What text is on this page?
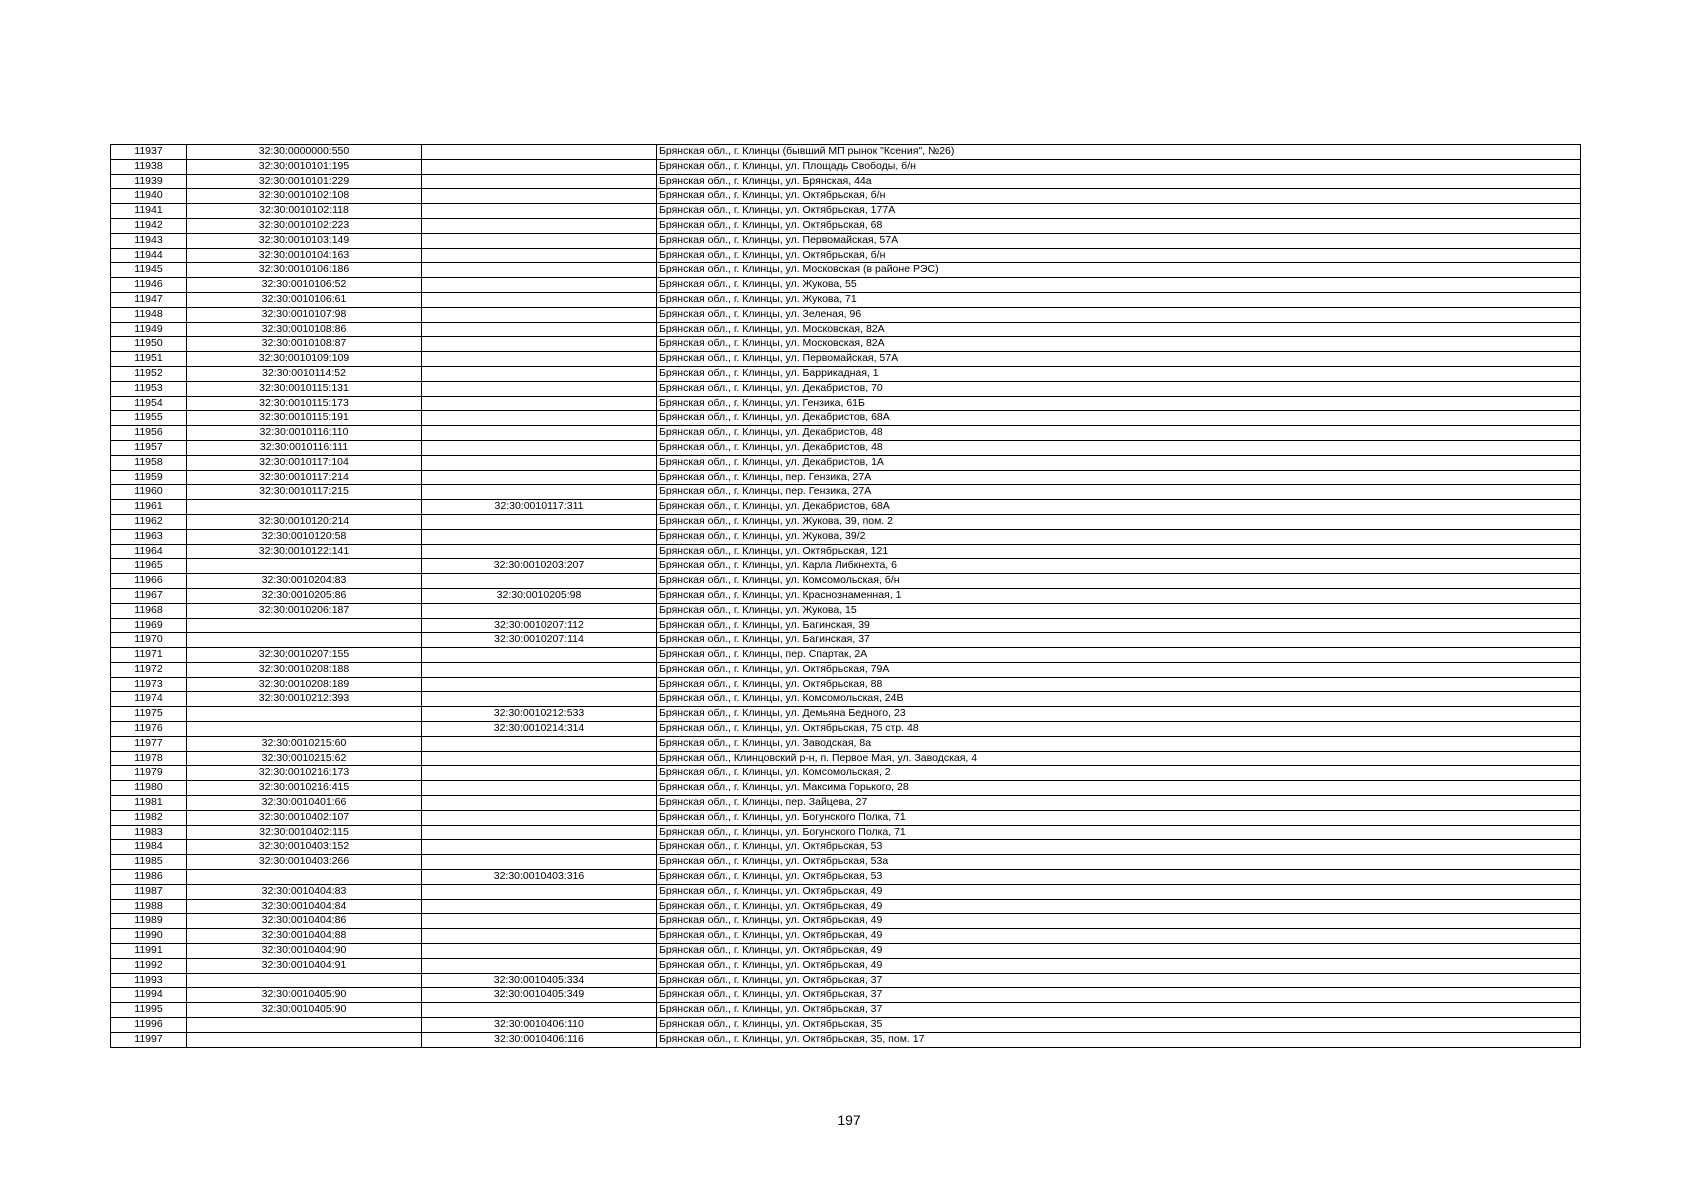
11937	32:30:0000000:550		Брянская обл., г. Клинцы (бывший МП рынок "Ксения", №26)
11938	32:30:0010101:195		Брянская обл., г. Клинцы, ул. Площадь Свободы, б/н
11939	32:30:0010101:229		Брянская обл., г. Клинцы, ул. Брянская, 44а
11940	32:30:0010102:108		Брянская обл., г. Клинцы, ул. Октябрьская, б/н
11941	32:30:0010102:118		Брянская обл., г. Клинцы, ул. Октябрьская, 177А
11942	32:30:0010102:223		Брянская обл., г. Клинцы, ул. Октябрьская, 68
11943	32:30:0010103:149		Брянская обл., г. Клинцы, ул. Первомайская, 57А
11944	32:30:0010104:163		Брянская обл., г. Клинцы, ул. Октябрьская, б/н
11945	32:30:0010106:186		Брянская обл., г. Клинцы, ул. Московская (в районе РЭС)
11946	32:30:0010106:52		Брянская обл., г. Клинцы, ул. Жукова, 55
11947	32:30:0010106:61		Брянская обл., г. Клинцы, ул. Жукова, 71
11948	32:30:0010107:98		Брянская обл., г. Клинцы, ул. Зеленая, 96
11949	32:30:0010108:86		Брянская обл., г. Клинцы, ул. Московская, 82А
11950	32:30:0010108:87		Брянская обл., г. Клинцы, ул. Московская, 82А
11951	32:30:0010109:109		Брянская обл., г. Клинцы, ул. Первомайская, 57А
11952	32:30:0010114:52		Брянская обл., г. Клинцы, ул. Баррикадная, 1
11953	32:30:0010115:131		Брянская обл., г. Клинцы, ул. Декабристов, 70
11954	32:30:0010115:173		Брянская обл., г. Клинцы, ул. Гензика, 61Б
11955	32:30:0010115:191		Брянская обл., г. Клинцы, ул. Декабристов, 68А
11956	32:30:0010116:110		Брянская обл., г. Клинцы, ул. Декабристов, 48
11957	32:30:0010116:111		Брянская обл., г. Клинцы, ул. Декабристов, 48
11958	32:30:0010117:104		Брянская обл., г. Клинцы, ул. Декабристов, 1А
11959	32:30:0010117:214		Брянская обл., г. Клинцы, пер. Гензика, 27А
11960	32:30:0010117:215		Брянская обл., г. Клинцы, пер. Гензика, 27А
11961		32:30:0010117:311	Брянская обл., г. Клинцы, ул. Декабристов, 68А
11962	32:30:0010120:214		Брянская обл., г. Клинцы, ул. Жукова, 39, пом. 2
11963	32:30:0010120:58		Брянская обл., г. Клинцы, ул. Жукова, 39/2
11964	32:30:0010122:141		Брянская обл., г. Клинцы, ул. Октябрьская, 121
11965		32:30:0010203:207	Брянская обл., г. Клинцы, ул. Карла Либкнехта, 6
11966	32:30:0010204:83		Брянская обл., г. Клинцы, ул. Комсомольская, б/н
11967	32:30:0010205:86	32:30:0010205:98	Брянская обл., г. Клинцы, ул. Краснознаменная, 1
11968	32:30:0010206:187		Брянская обл., г. Клинцы, ул. Жукова, 15
11969		32:30:0010207:112	Брянская обл., г. Клинцы, ул. Багинская, 39
11970		32:30:0010207:114	Брянская обл., г. Клинцы, ул. Багинская, 37
11971	32:30:0010207:155		Брянская обл., г. Клинцы, пер. Спартак, 2А
11972	32:30:0010208:188		Брянская обл., г. Клинцы, ул. Октябрьская, 79А
11973	32:30:0010208:189		Брянская обл., г. Клинцы, ул. Октябрьская, 88
11974	32:30:0010212:393		Брянская обл., г. Клинцы, ул. Комсомольская, 24В
11975		32:30:0010212:533	Брянская обл., г. Клинцы, ул. Демьяна Бедного, 23
11976		32:30:0010214:314	Брянская обл., г. Клинцы, ул. Октябрьская, 75 стр. 48
11977	32:30:0010215:60		Брянская обл., г. Клинцы, ул. Заводская, 8а
11978	32:30:0010215:62		Брянская обл., Клинцовский р-н, п. Первое Мая, ул. Заводская, 4
11979	32:30:0010216:173		Брянская обл., г. Клинцы, ул. Комсомольская, 2
11980	32:30:0010216:415		Брянская обл., г. Клинцы, ул. Максима Горького, 28
11981	32:30:0010401:66		Брянская обл., г. Клинцы, пер. Зайцева, 27
11982	32:30:0010402:107		Брянская обл., г. Клинцы, ул. Богунского Полка, 71
11983	32:30:0010402:115		Брянская обл., г. Клинцы, ул. Богунского Полка, 71
11984	32:30:0010403:152		Брянская обл., г. Клинцы, ул. Октябрьская, 53
11985	32:30:0010403:266		Брянская обл., г. Клинцы, ул. Октябрьская, 53а
11986		32:30:0010403:316	Брянская обл., г. Клинцы, ул. Октябрьская, 53
11987	32:30:0010404:83		Брянская обл., г. Клинцы, ул. Октябрьская, 49
11988	32:30:0010404:84		Брянская обл., г. Клинцы, ул. Октябрьская, 49
11989	32:30:0010404:86		Брянская обл., г. Клинцы, ул. Октябрьская, 49
11990	32:30:0010404:88		Брянская обл., г. Клинцы, ул. Октябрьская, 49
11991	32:30:0010404:90		Брянская обл., г. Клинцы, ул. Октябрьская, 49
11992	32:30:0010404:91		Брянская обл., г. Клинцы, ул. Октябрьская, 49
11993		32:30:0010405:334	Брянская обл., г. Клинцы, ул. Октябрьская, 37
11994	32:30:0010405:90	32:30:0010405:349	Брянская обл., г. Клинцы, ул. Октябрьская, 37
11995	32:30:0010405:90		Брянская обл., г. Клинцы, ул. Октябрьская, 37
11996		32:30:0010406:110	Брянская обл., г. Клинцы, ул. Октябрьская, 35
11997		32:30:0010406:116	Брянская обл., г. Клинцы, ул. Октябрьская, 35, пом. 17
197
